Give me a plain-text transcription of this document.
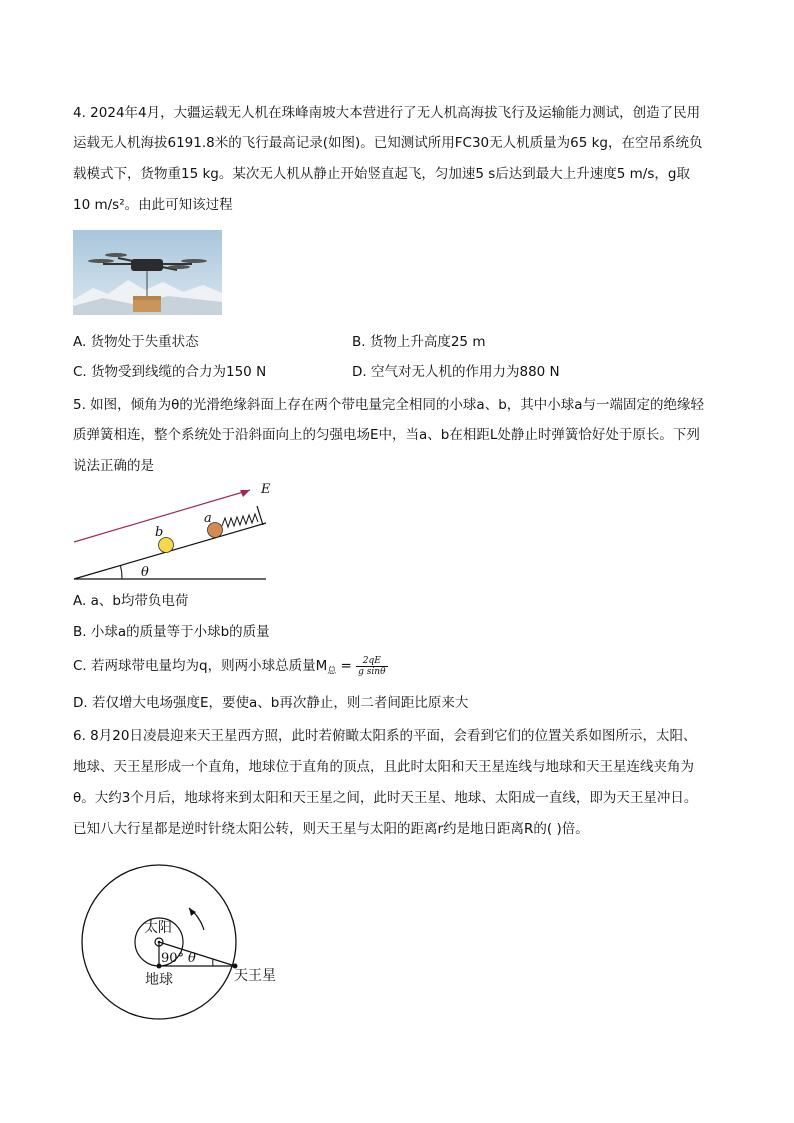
4. 2024年4月，大疆运载无人机在珠峰南坡大本营进行了无人机高海拔飞行及运输能力测试，创造了民用
运载无人机海拔6191.8米的飞行最高记录(如图)。已知测试所用FC30无人机质量为65 kg，在空吊系统负
载模式下，货物重15 kg。某次无人机从静止开始竖直起飞，匀加速5 s后达到最大上升速度5 m/s，g取
10 m/s²。由此可知该过程
A. 货物处于失重状态	B. 货物上升高度25 m
C. 货物受到线缆的合力为150 N	D. 空气对无人机的作用力为880 N
5. 如图，倾角为θ的光滑绝缘斜面上存在两个带电量完全相同的小球a、b，其中小球a与一端固定的绝缘轻
质弹簧相连，整个系统处于沿斜面向上的匀强电场E中，当a、b在相距L处静止时弹簧恰好处于原长。下列
说法正确的是
E
a
b
θ
A. a、b均带负电荷
B. 小球a的质量等于小球b的质量
C. 若两球带电量均为q，则两小球总质量$M_总 = \frac{2qE}{\text{g sinθ}}$
D. 若仅增大电场强度E，要使a、b再次静止，则二者间距比原来大
6. 8月20日凌晨迎来天王星西方照，此时若俯瞰太阳系的平面，会看到它们的位置关系如图所示，太阳、
地球、天王星形成一个直角，地球位于直角的顶点，且此时太阳和天王星连线与地球和天王星连线夹角为
θ。大约3个月后，地球将来到太阳和天王星之间，此时天王星、地球、太阳成一直线，即为天王星冲日。
已知八大行星都是逆时针绕太阳公转，则天王星与太阳的距离r约是地日距离R的( )倍。
太阳
90° θ
地球	天王星
